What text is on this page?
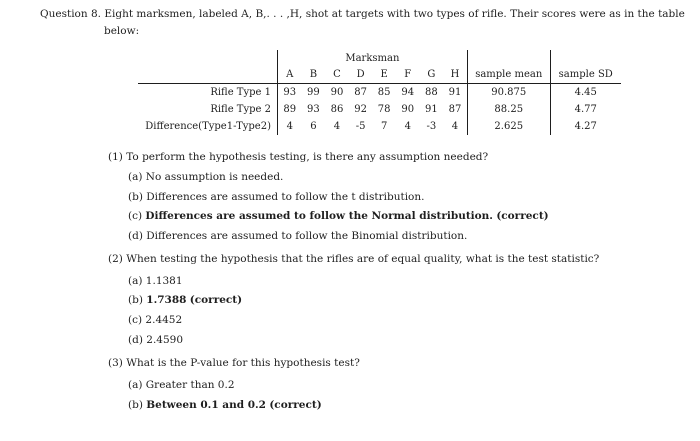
Question 8. Eight marksmen, labeled A, B,. . . ,H, shot at targets with two types of rifle. Their scores were as in the table
below:
	Marksman									
	A	B	C	D	E	F	G	H	sample mean	sample SD
Rifle Type 1	93	99	90	87	85	94	88	91	90.875	4.45
Rifle Type 2	89	93	86	92	78	90	91	87	88.25	4.77
Difference(Type1-Type2)	4	6	4	-5	7	4	-3	4	2.625	4.27
(1) To perform the hypothesis testing, is there any assumption needed?
(a) No assumption is needed.
(b) Differences are assumed to follow the t distribution.
(c) Differences are assumed to follow the Normal distribution. (correct)
(d) Differences are assumed to follow the Binomial distribution.
(2) When testing the hypothesis that the rifles are of equal quality, what is the test statistic?
(a) 1.1381
(b) 1.7388 (correct)
(c) 2.4452
(d) 2.4590
(3) What is the P-value for this hypothesis test?
(a) Greater than 0.2
(b) Between 0.1 and 0.2 (correct)
